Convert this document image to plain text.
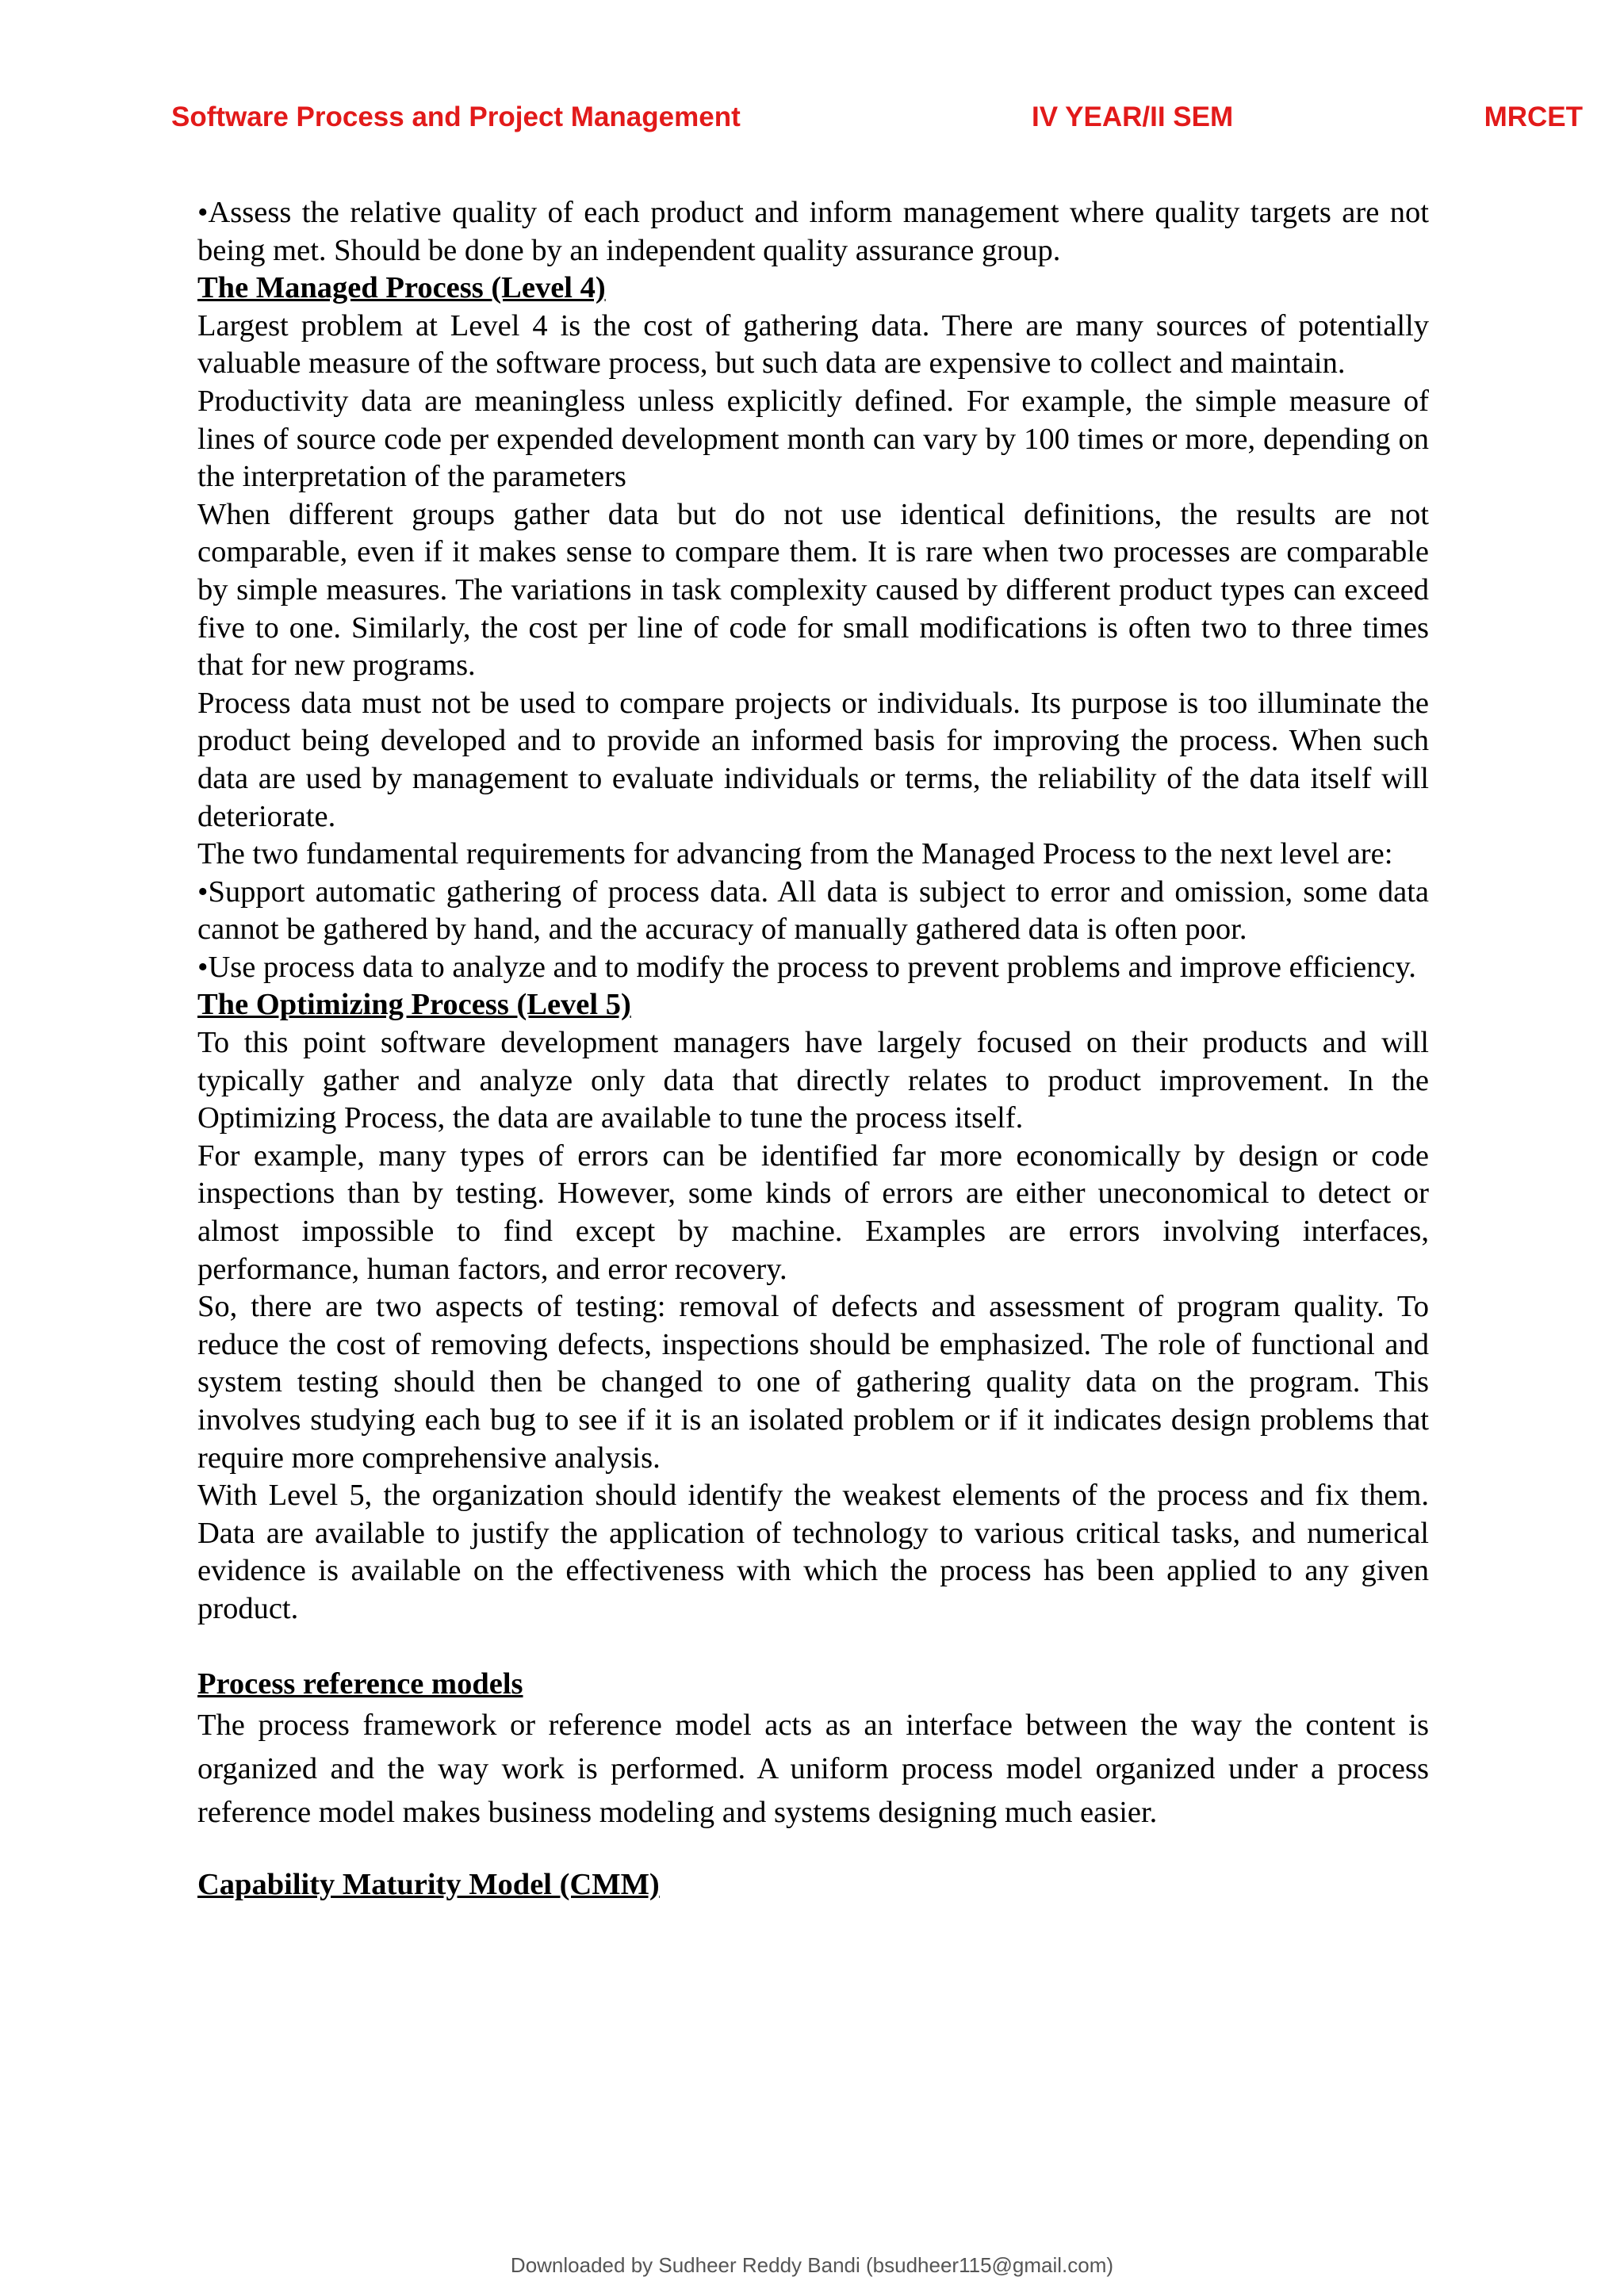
Software Process and Project Management	IV YEAR/II SEM	MRCET

•Assess the relative quality of each product and inform management where quality targets are not being met. Should be done by an independent quality assurance group.

The Managed Process (Level 4)

Largest problem at Level 4 is the cost of gathering data. There are many sources of potentially valuable measure of the software process, but such data are expensive to collect and maintain.

Productivity data are meaningless unless explicitly defined. For example, the simple measure of lines of source code per expended development month can vary by 100 times or more, depending on the interpretation of the parameters

When different groups gather data but do not use identical definitions, the results are not comparable, even if it makes sense to compare them. It is rare when two processes are comparable by simple measures. The variations in task complexity caused by different product types can exceed five to one. Similarly, the cost per line of code for small modifications is often two to three times that for new programs.

Process data must not be used to compare projects or individuals. Its purpose is too illuminate the product being developed and to provide an informed basis for improving the process. When such data are used by management to evaluate individuals or terms, the reliability of the data itself will deteriorate.

The two fundamental requirements for advancing from the Managed Process to the next level are:

•Support automatic gathering of process data. All data is subject to error and omission, some data cannot be gathered by hand, and the accuracy of manually gathered data is often poor.

•Use process data to analyze and to modify the process to prevent problems and improve efficiency.

The Optimizing Process (Level 5)

To this point software development managers have largely focused on their products and will typically gather and analyze only data that directly relates to product improvement. In the Optimizing Process, the data are available to tune the process itself.

For example, many types of errors can be identified far more economically by design or code inspections than by testing. However, some kinds of errors are either uneconomical to detect or almost impossible to find except by machine. Examples are errors involving interfaces, performance, human factors, and error recovery.

So, there are two aspects of testing: removal of defects and assessment of program quality. To reduce the cost of removing defects, inspections should be emphasized. The role of functional and system testing should then be changed to one of gathering quality data on the program. This involves studying each bug to see if it is an isolated problem or if it indicates design problems that require more comprehensive analysis.

With Level 5, the organization should identify the weakest elements of the process and fix them. Data are available to justify the application of technology to various critical tasks, and numerical evidence is available on the effectiveness with which the process has been applied to any given product.

Process reference models

The process framework or reference model acts as an interface between the way the content is organized and the way work is performed. A uniform process model organized under a process reference model makes business modeling and systems designing much easier.

Capability Maturity Model (CMM)
Downloaded by Sudheer Reddy Bandi (bsudheer115@gmail.com)
